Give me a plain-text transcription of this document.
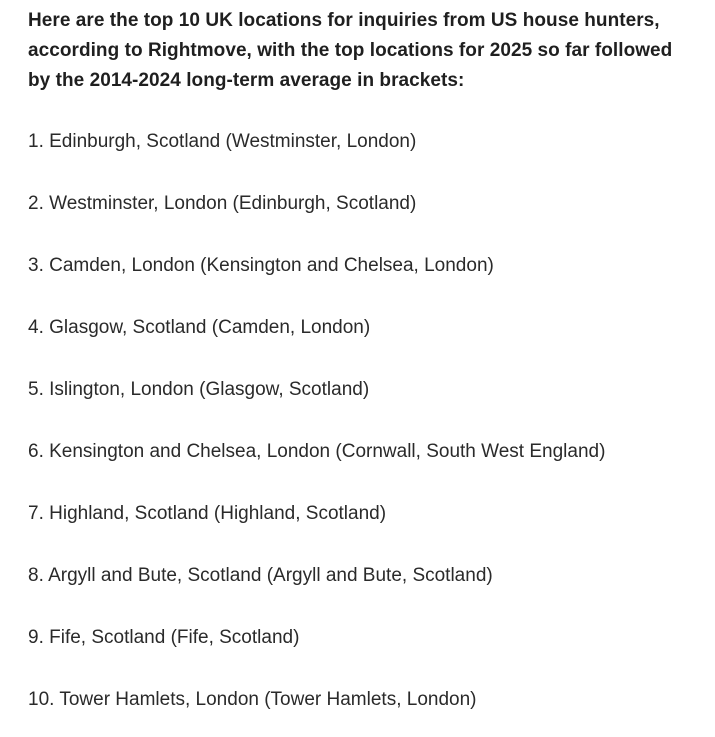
Here are the top 10 UK locations for inquiries from US house hunters, according to Rightmove, with the top locations for 2025 so far followed by the 2014-2024 long-term average in brackets:

1. Edinburgh, Scotland (Westminster, London)
2. Westminster, London (Edinburgh, Scotland)
3. Camden, London (Kensington and Chelsea, London)
4. Glasgow, Scotland (Camden, London)
5. Islington, London (Glasgow, Scotland)
6. Kensington and Chelsea, London (Cornwall, South West England)
7. Highland, Scotland (Highland, Scotland)
8. Argyll and Bute, Scotland (Argyll and Bute, Scotland)
9. Fife, Scotland (Fife, Scotland)
10. Tower Hamlets, London (Tower Hamlets, London)
